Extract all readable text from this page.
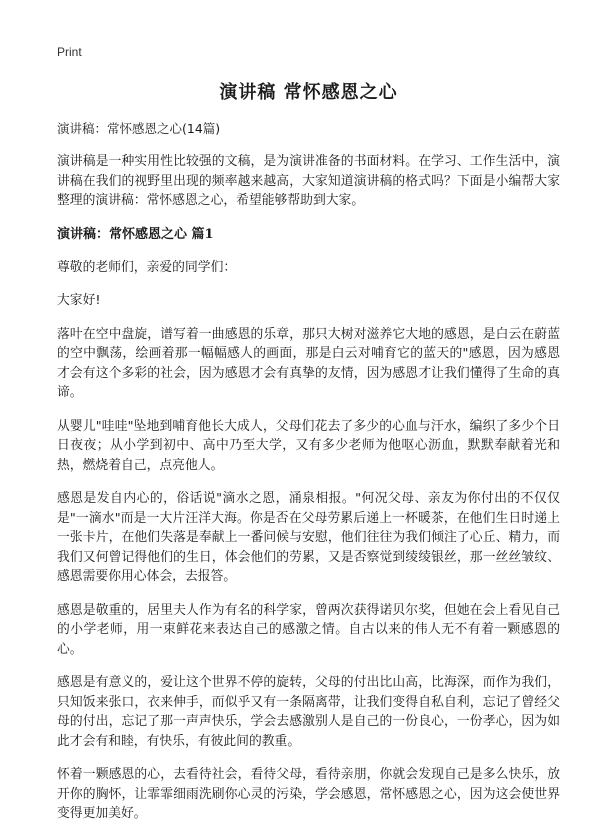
Print
演讲稿 常怀感恩之心
演讲稿：常怀感恩之心(14篇)

演讲稿是一种实用性比较强的文稿，是为演讲准备的书面材料。在学习、工作生活中，演讲稿在我们的视野里出现的频率越来越高，大家知道演讲稿的格式吗？下面是小编帮大家整理的演讲稿：常怀感恩之心，希望能够帮助到大家。

演讲稿：常怀感恩之心 篇1

尊敬的老师们，亲爱的同学们：

大家好!

落叶在空中盘旋，谱写着一曲感恩的乐章，那只大树对滋养它大地的感恩，是白云在蔚蓝的空中飘荡，绘画着那一幅幅感人的画面，那是白云对哺育它的蓝天的"感恩，因为感恩才会有这个多彩的社会，因为感恩才会有真挚的友情，因为感恩才让我们懂得了生命的真谛。

从婴儿"哇哇"坠地到哺育他长大成人，父母们花去了多少的心血与汗水，编织了多少个日日夜夜；从小学到初中、高中乃至大学，又有多少老师为他呕心沥血，默默奉献着光和热，燃烧着自己，点亮他人。

感恩是发自内心的，俗话说"滴水之恩，涌泉相报。"何况父母、亲友为你付出的不仅仅是"一滴水"而是一大片汪洋大海。你是否在父母劳累后递上一杯暖茶，在他们生日时递上一张卡片，在他们失落是奉献上一番问候与安慰，他们往往为我们倾注了心丘、精力，而我们又何曾记得他们的生日，体会他们的劳累，又是否察觉到绫绫银丝，那一丝丝皱纹、感恩需要你用心体会，去报答。

感恩是敬重的，居里夫人作为有名的科学家，曾两次获得诺贝尔奖，但她在会上看见自己的小学老师，用一束鲜花来表达自己的感激之情。自古以来的伟人无不有着一颗感恩的心。

感恩是有意义的，爱让这个世界不停的旋转，父母的付出比山高，比海深，而作为我们，只知饭来张口，衣来伸手，而似乎又有一条隔离带，让我们变得自私自利，忘记了曾经父母的付出，忘记了那一声声快乐，学会去感激别人是自己的一份良心，一份孝心，因为如此才会有和睦，有快乐，有彼此间的教重。

怀着一颗感恩的心，去看待社会，看待父母，看待亲朋，你就会发现自己是多么快乐，放开你的胸怀，让霏霏细雨洗刷你心灵的污染，学会感恩，常怀感恩之心，因为这会使世界变得更加美好。
